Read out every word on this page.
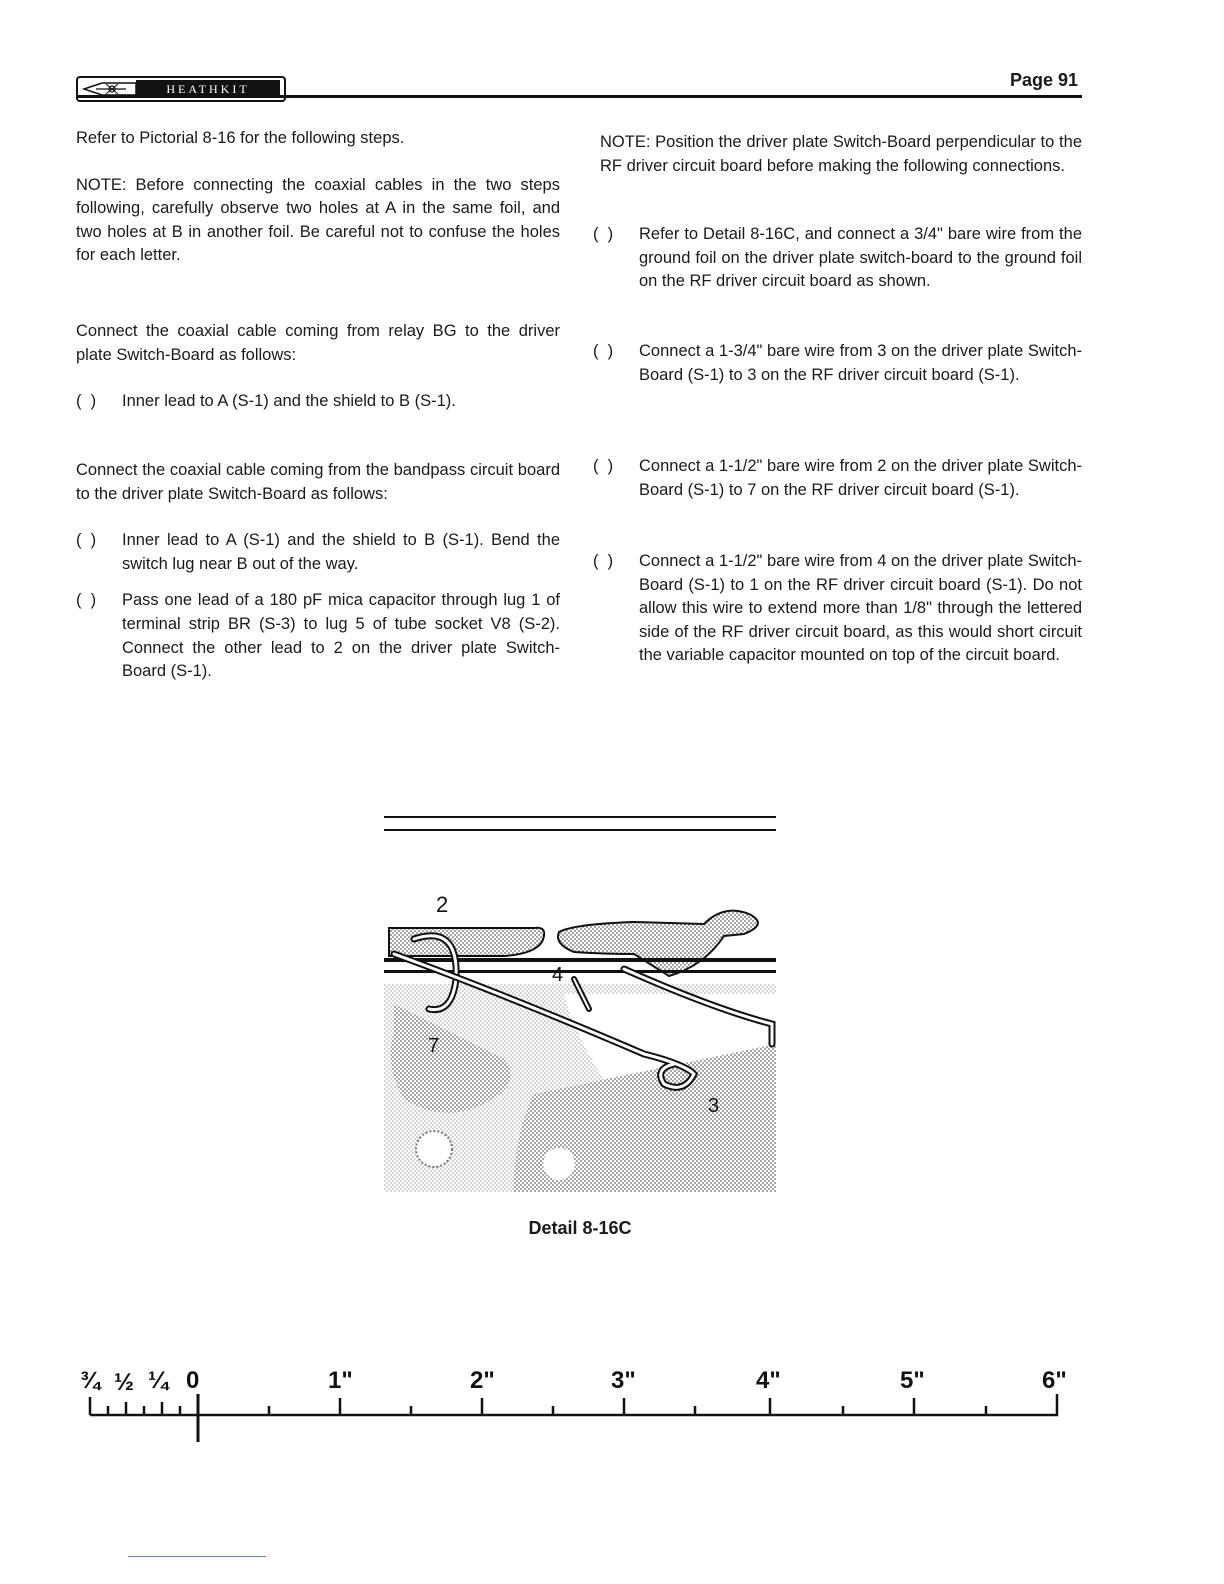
HEATHKIT	Page 91

Refer to Pictorial 8-16 for the following steps.

NOTE: Before connecting the coaxial cables in the two steps following, carefully observe two holes at A in the same foil, and two holes at B in another foil. Be careful not to confuse the holes for each letter.

Connect the coaxial cable coming from relay BG to the driver plate Switch-Board as follows:

(  )	Inner lead to A (S-1) and the shield to B (S-1).

Connect the coaxial cable coming from the bandpass circuit board to the driver plate Switch-Board as follows:

(  )	Inner lead to A (S-1) and the shield to B (S-1). Bend the switch lug near B out of the way.
(  )	Pass one lead of a 180 pF mica capacitor through lug 1 of terminal strip BR (S-3) to lug 5 of tube socket V8 (S-2). Connect the other lead to 2 on the driver plate Switch-Board (S-1).

NOTE: Position the driver plate Switch-Board perpendicular to the RF driver circuit board before making the following connections.

(  )	Refer to Detail 8-16C, and connect a 3/4" bare wire from the ground foil on the driver plate switch-board to the ground foil on the RF driver circuit board as shown.
(  )	Connect a 1-3/4" bare wire from 3 on the driver plate Switch-Board (S-1) to 3 on the RF driver circuit board (S-1).
(  )	Connect a 1-1/2" bare wire from 2 on the driver plate Switch-Board (S-1) to 7 on the RF driver circuit board (S-1).
(  )	Connect a 1-1/2" bare wire from 4 on the driver plate Switch-Board (S-1) to 1 on the RF driver circuit board (S-1). Do not allow this wire to extend more than 1/8" through the lettered side of the RF driver circuit board, as this would short circuit the variable capacitor mounted on top of the circuit board.
2
4
7
3
Detail 8-16C
¾ ½ ¼ 0	1"	2"	3"	4"	5"	6"
